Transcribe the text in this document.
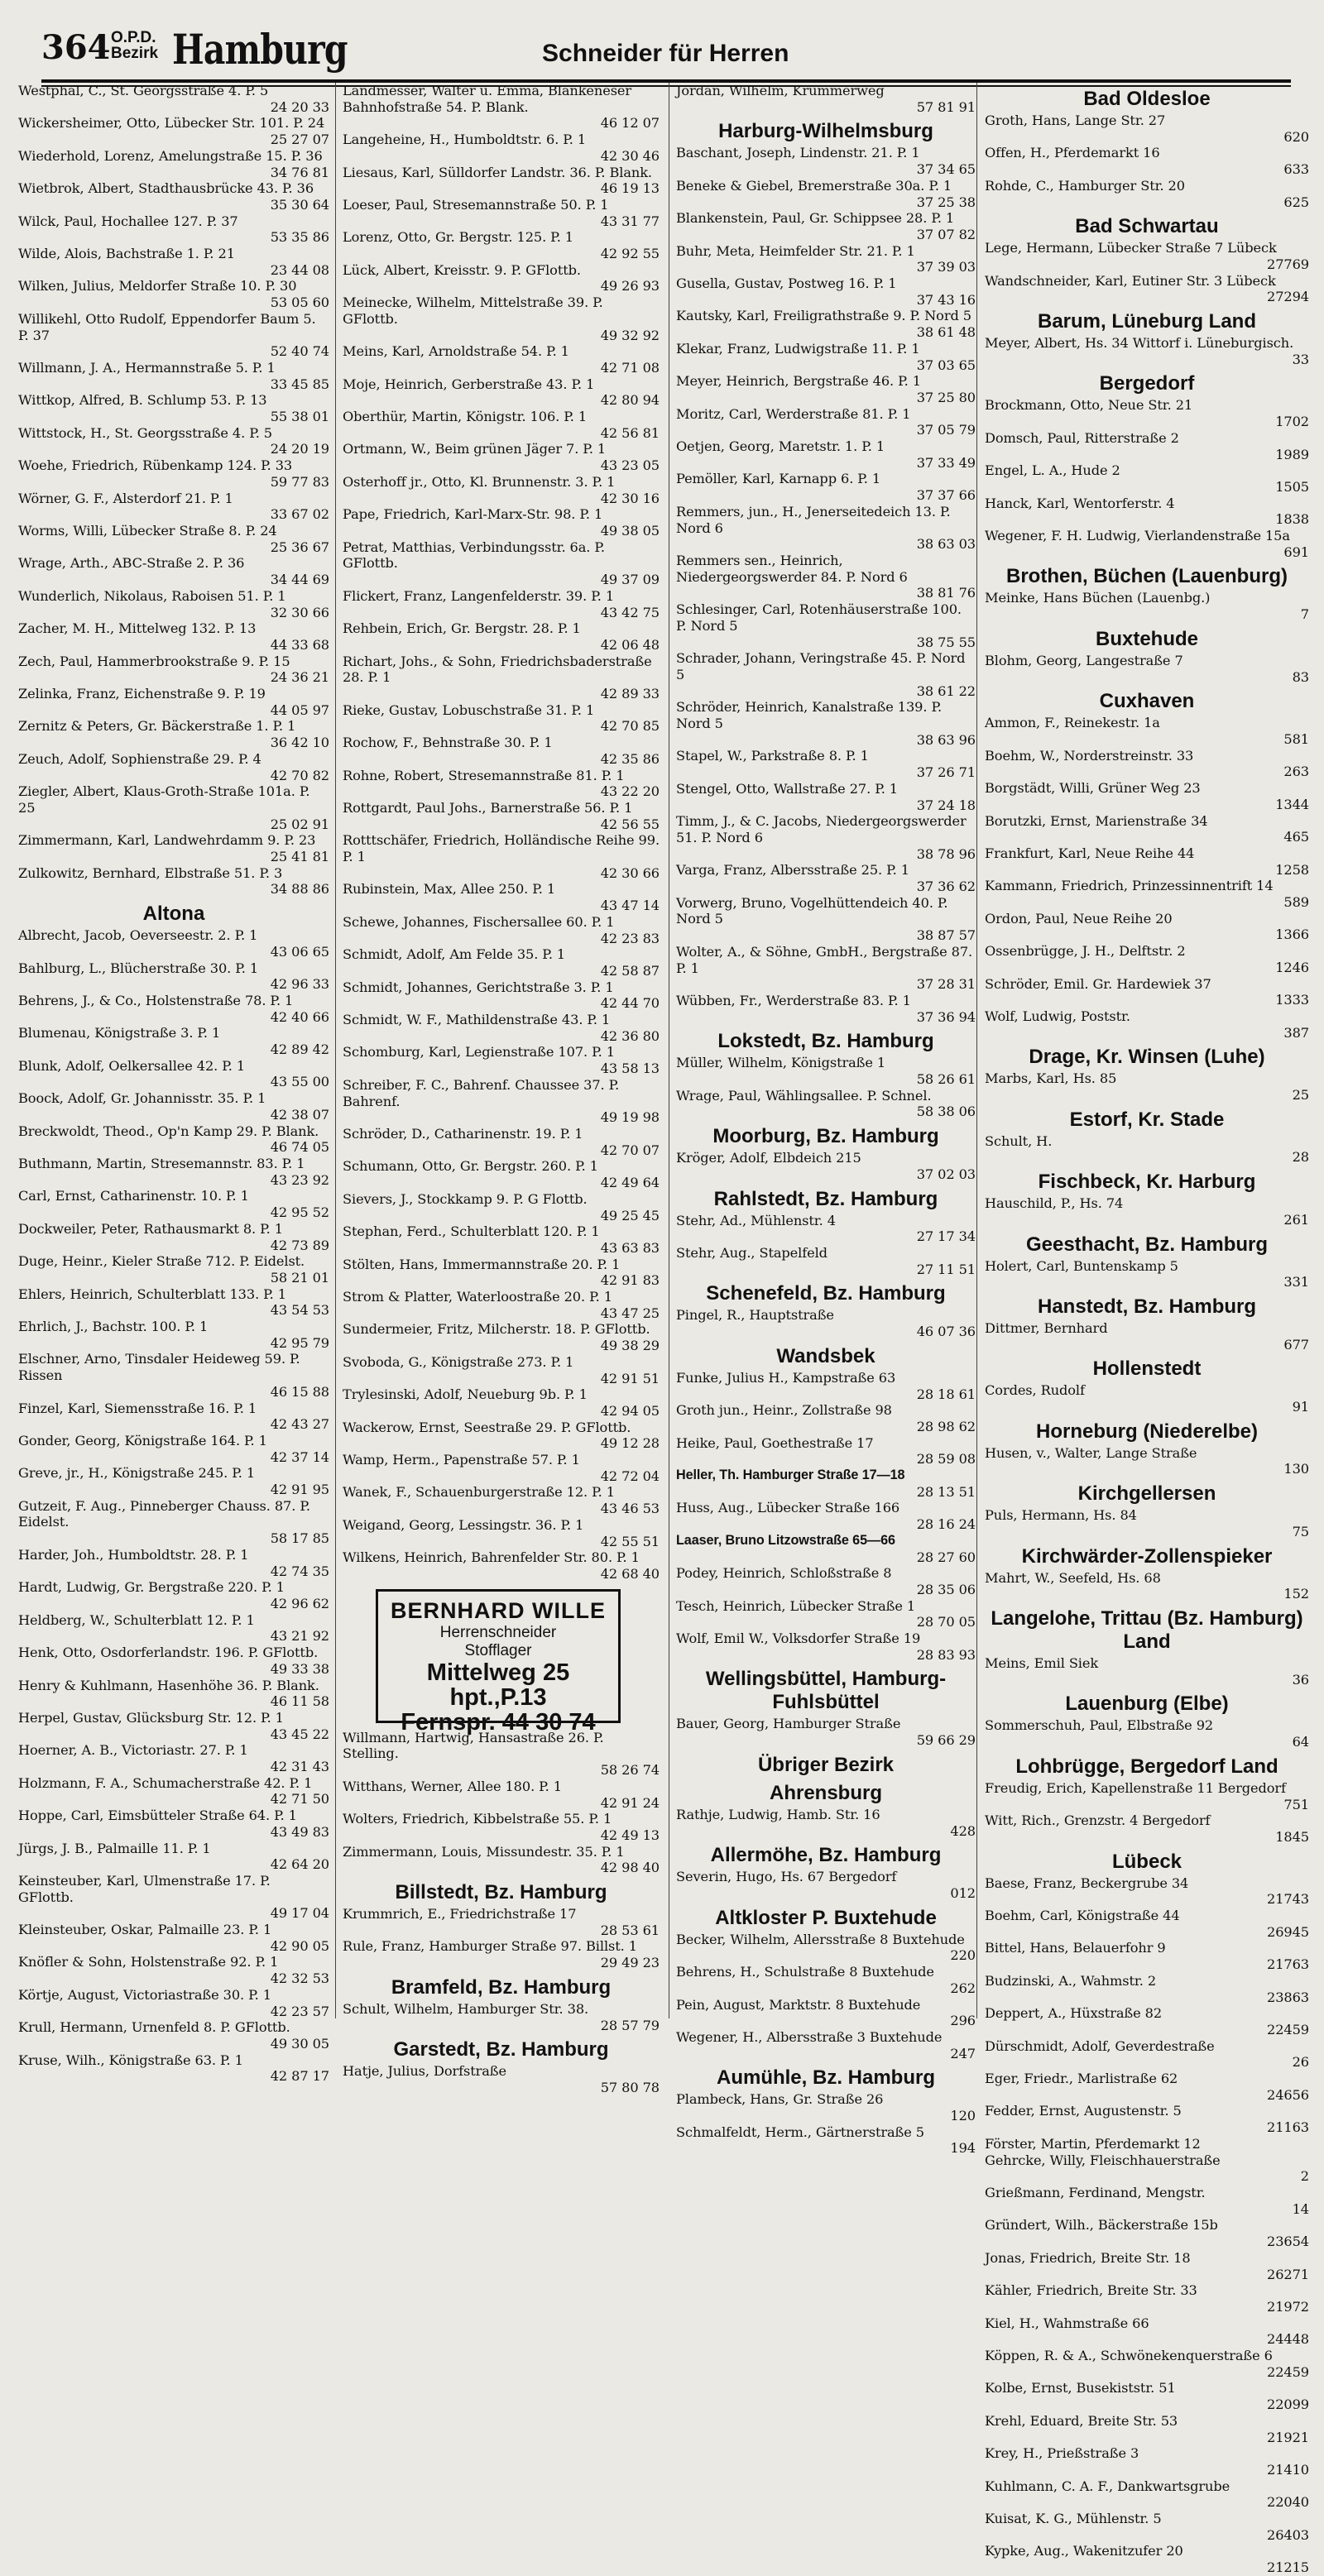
364 O.P.D.
Bezirk Hamburg	Schneider für Herren
Westphal, C., St. Georgsstraße 4. P. 5
24 20 33
Wickersheimer, Otto, Lübecker Str. 101. P. 24
25 27 07
Wiederhold, Lorenz, Amelungstraße 15. P. 36
34 76 81
Wietbrok, Albert, Stadthausbrücke 43. P. 36
35 30 64
Wilck, Paul, Hochallee 127. P. 37
53 35 86
Wilde, Alois, Bachstraße 1. P. 21
23 44 08
Wilken, Julius, Meldorfer Straße 10. P. 30
53 05 60
Willikehl, Otto Rudolf, Eppendorfer Baum 5. P. 37
52 40 74
Willmann, J. A., Hermannstraße 5. P. 1
33 45 85
Wittkop, Alfred, B. Schlump 53. P. 13
55 38 01
Wittstock, H., St. Georgsstraße 4. P. 5
24 20 19
Woehe, Friedrich, Rübenkamp 124. P. 33
59 77 83
Wörner, G. F., Alsterdorf 21. P. 1
33 67 02
Worms, Willi, Lübecker Straße 8. P. 24
25 36 67
Wrage, Arth., ABC-Straße 2. P. 36
34 44 69
Wunderlich, Nikolaus, Raboisen 51. P. 1
32 30 66
Zacher, M. H., Mittelweg 132. P. 13
44 33 68
Zech, Paul, Hammerbrookstraße 9. P. 15
24 36 21
Zelinka, Franz, Eichenstraße 9. P. 19
44 05 97
Zernitz & Peters, Gr. Bäckerstraße 1. P. 1
36 42 10
Zeuch, Adolf, Sophienstraße 29. P. 4
42 70 82
Ziegler, Albert, Klaus-Groth-Straße 101a. P. 25
25 02 91
Zimmermann, Karl, Landwehrdamm 9. P. 23
25 41 81
Zulkowitz, Bernhard, Elbstraße 51. P. 3
34 88 86
Altona
Albrecht, Jacob, Oeverseestr. 2. P. 1
43 06 65
Bahlburg, L., Blücherstraße 30. P. 1
42 96 33
Behrens, J., & Co., Holstenstraße 78. P. 1
42 40 66
Blumenau, Königstraße 3. P. 1
42 89 42
Blunk, Adolf, Oelkersallee 42. P. 1
43 55 00
Boock, Adolf, Gr. Johannisstr. 35. P. 1
42 38 07
Breckwoldt, Theod., Op'n Kamp 29. P. Blank.
46 74 05
Buthmann, Martin, Stresemannstr. 83. P. 1
43 23 92
Carl, Ernst, Catharinenstr. 10. P. 1
42 95 52
Dockweiler, Peter, Rathausmarkt 8. P. 1
42 73 89
Duge, Heinr., Kieler Straße 712. P. Eidelst.
58 21 01
Ehlers, Heinrich, Schulterblatt 133. P. 1
43 54 53
Ehrlich, J., Bachstr. 100. P. 1
42 95 79
Elschner, Arno, Tinsdaler Heideweg 59. P. Rissen
46 15 88
Finzel, Karl, Siemensstraße 16. P. 1
42 43 27
Gonder, Georg, Königstraße 164. P. 1
42 37 14
Greve, jr., H., Königstraße 245. P. 1
42 91 95
Gutzeit, F. Aug., Pinneberger Chauss. 87. P. Eidelst.
58 17 85
Harder, Joh., Humboldtstr. 28. P. 1
42 74 35
Hardt, Ludwig, Gr. Bergstraße 220. P. 1
42 96 62
Heldberg, W., Schulterblatt 12. P. 1
43 21 92
Henk, Otto, Osdorferlandstr. 196. P. GFlottb.
49 33 38
Henry & Kuhlmann, Hasenhöhe 36. P. Blank.
46 11 58
Herpel, Gustav, Glücksburg Str. 12. P. 1
43 45 22
Hoerner, A. B., Victoriastr. 27. P. 1
42 31 43
Holzmann, F. A., Schumacherstraße 42. P. 1
42 71 50
Hoppe, Carl, Eimsbütteler Straße 64. P. 1
43 49 83
Jürgs, J. B., Palmaille 11. P. 1
42 64 20
Keinsteuber, Karl, Ulmenstraße 17. P. GFlottb.
49 17 04
Kleinsteuber, Oskar, Palmaille 23. P. 1
42 90 05
Knöfler & Sohn, Holstenstraße 92. P. 1
42 32 53
Körtje, August, Victoriastraße 30. P. 1
42 23 57
Krull, Hermann, Urnenfeld 8. P. GFlottb.
49 30 05
Kruse, Wilh., Königstraße 63. P. 1
42 87 17
Landmesser, Walter u. Emma, Blankeneser Bahnhofstraße 54. P. Blank.
46 12 07
Langeheine, H., Humboldtstr. 6. P. 1
42 30 46
Liesaus, Karl, Sülldorfer Landstr. 36. P. Blank.
46 19 13
Loeser, Paul, Stresemannstraße 50. P. 1
43 31 77
Lorenz, Otto, Gr. Bergstr. 125. P. 1
42 92 55
Lück, Albert, Kreisstr. 9. P. GFlottb.
49 26 93
Meinecke, Wilhelm, Mittelstraße 39. P. GFlottb.
49 32 92
Meins, Karl, Arnoldstraße 54. P. 1
42 71 08
Moje, Heinrich, Gerberstraße 43. P. 1
42 80 94
Oberthür, Martin, Königstr. 106. P. 1
42 56 81
Ortmann, W., Beim grünen Jäger 7. P. 1
43 23 05
Osterhoff jr., Otto, Kl. Brunnenstr. 3. P. 1
42 30 16
Pape, Friedrich, Karl-Marx-Str. 98. P. 1
49 38 05
Petrat, Matthias, Verbindungsstr. 6a. P. GFlottb.
49 37 09
Flickert, Franz, Langenfelderstr. 39. P. 1
43 42 75
Rehbein, Erich, Gr. Bergstr. 28. P. 1
42 06 48
Richart, Johs., & Sohn, Friedrichsbaderstraße 28. P. 1
42 89 33
Rieke, Gustav, Lobuschstraße 31. P. 1
42 70 85
Rochow, F., Behnstraße 30. P. 1
42 35 86
Rohne, Robert, Stresemannstraße 81. P. 1
43 22 20
Rottgardt, Paul Johs., Barnerstraße 56. P. 1
42 56 55
Rotttschäfer, Friedrich, Holländische Reihe 99. P. 1
42 30 66
Rubinstein, Max, Allee 250. P. 1
43 47 14
Schewe, Johannes, Fischersallee 60. P. 1
42 23 83
Schmidt, Adolf, Am Felde 35. P. 1
42 58 87
Schmidt, Johannes, Gerichtstraße 3. P. 1
42 44 70
Schmidt, W. F., Mathildenstraße 43. P. 1
42 36 80
Schomburg, Karl, Legienstraße 107. P. 1
43 58 13
Schreiber, F. C., Bahrenf. Chaussee 37. P. Bahrenf.
49 19 98
Schröder, D., Catharinenstr. 19. P. 1
42 70 07
Schumann, Otto, Gr. Bergstr. 260. P. 1
42 49 64
Sievers, J., Stockkamp 9. P. G Flottb.
49 25 45
Stephan, Ferd., Schulterblatt 120. P. 1
43 63 83
Stölten, Hans, Immermannstraße 20. P. 1
42 91 83
Strom & Platter, Waterloostraße 20. P. 1
43 47 25
Sundermeier, Fritz, Milcherstr. 18. P. GFlottb.
49 38 29
Svoboda, G., Königstraße 273. P. 1
42 91 51
Trylesinski, Adolf, Neueburg 9b. P. 1
42 94 05
Wackerow, Ernst, Seestraße 29. P. GFlottb.
49 12 28
Wamp, Herm., Papenstraße 57. P. 1
42 72 04
Wanek, F., Schauenburgerstraße 12. P. 1
43 46 53
Weigand, Georg, Lessingstr. 36. P. 1
42 55 51
Wilkens, Heinrich, Bahrenfelder Str. 80. P. 1
42 68 40
BERNHARD WILLE
Herrenschneider
Stofflager
Mittelweg 25 hpt.,P.13
Fernspr. 44 30 74
Willmann, Hartwig, Hansastraße 26. P. Stelling.
58 26 74
Witthans, Werner, Allee 180. P. 1
42 91 24
Wolters, Friedrich, Kibbelstraße 55. P. 1
42 49 13
Zimmermann, Louis, Missundestr. 35. P. 1
42 98 40
Billstedt, Bz. Hamburg
Krummrich, E., Friedrichstraße 17
28 53 61
Rule, Franz, Hamburger Straße 97. Billst. 1
29 49 23
Bramfeld, Bz. Hamburg
Schult, Wilhelm, Hamburger Str. 38.
28 57 79
Garstedt, Bz. Hamburg
Hatje, Julius, Dorfstraße
57 80 78
Jordan, Wilhelm, Krummerweg
57 81 91
Harburg-Wilhelmsburg
Baschant, Joseph, Lindenstr. 21. P. 1
37 34 65
Beneke & Giebel, Bremerstraße 30a. P. 1
37 25 38
Blankenstein, Paul, Gr. Schippsee 28. P. 1
37 07 82
Buhr, Meta, Heimfelder Str. 21. P. 1
37 39 03
Gusella, Gustav, Postweg 16. P. 1
37 43 16
Kautsky, Karl, Freiligrathstraße 9. P. Nord 5
38 61 48
Klekar, Franz, Ludwigstraße 11. P. 1
37 03 65
Meyer, Heinrich, Bergstraße 46. P. 1
37 25 80
Moritz, Carl, Werderstraße 81. P. 1
37 05 79
Oetjen, Georg, Maretstr. 1. P. 1
37 33 49
Pemöller, Karl, Karnapp 6. P. 1
37 37 66
Remmers, jun., H., Jenerseitedeich 13. P. Nord 6
38 63 03
Remmers sen., Heinrich, Niedergeorgswerder 84. P. Nord 6
38 81 76
Schlesinger, Carl, Rotenhäuserstraße 100. P. Nord 5
38 75 55
Schrader, Johann, Veringstraße 45. P. Nord 5
38 61 22
Schröder, Heinrich, Kanalstraße 139. P. Nord 5
38 63 96
Stapel, W., Parkstraße 8. P. 1
37 26 71
Stengel, Otto, Wallstraße 27. P. 1
37 24 18
Timm, J., & C. Jacobs, Niedergeorgswerder 51. P. Nord 6
38 78 96
Varga, Franz, Albersstraße 25. P. 1
37 36 62
Vorwerg, Bruno, Vogelhüttendeich 40. P. Nord 5
38 87 57
Wolter, A., & Söhne, GmbH., Bergstraße 87. P. 1
37 28 31
Wübben, Fr., Werderstraße 83. P. 1
37 36 94
Lokstedt, Bz. Hamburg
Müller, Wilhelm, Königstraße 1
58 26 61
Wrage, Paul, Wählingsallee. P. Schnel.
58 38 06
Moorburg, Bz. Hamburg
Kröger, Adolf, Elbdeich 215
37 02 03
Rahlstedt, Bz. Hamburg
Stehr, Ad., Mühlenstr. 4
27 17 34
Stehr, Aug., Stapelfeld
27 11 51
Schenefeld, Bz. Hamburg
Pingel, R., Hauptstraße
46 07 36
Wandsbek
Funke, Julius H., Kampstraße 63
28 18 61
Groth jun., Heinr., Zollstraße 98
28 98 62
Heike, Paul, Goethestraße 17
28 59 08
Heller, Th. Hamburger Straße 17—18
28 13 51
Huss, Aug., Lübecker Straße 166
28 16 24
Laaser, Bruno Litzowstraße 65—66
28 27 60
Podey, Heinrich, Schloßstraße 8
28 35 06
Tesch, Heinrich, Lübecker Straße 1
28 70 05
Wolf, Emil W., Volksdorfer Straße 19
28 83 93
Wellingsbüttel, Hamburg-Fuhlsbüttel
Bauer, Georg, Hamburger Straße
59 66 29
Übriger Bezirk
Ahrensburg
Rathje, Ludwig, Hamb. Str. 16
428
Allermöhe, Bz. Hamburg
Severin, Hugo, Hs. 67 Bergedorf
012
Altkloster P. Buxtehude
Becker, Wilhelm, Allersstraße 8 Buxtehude
220
Behrens, H., Schulstraße 8 Buxtehude
262
Pein, August, Marktstr. 8 Buxtehude
296
Wegener, H., Albersstraße 3 Buxtehude
247
Aumühle, Bz. Hamburg
Plambeck, Hans, Gr. Straße 26
120
Schmalfeldt, Herm., Gärtnerstraße 5
194
Bad Oldesloe
Groth, Hans, Lange Str. 27
620
Offen, H., Pferdemarkt 16
633
Rohde, C., Hamburger Str. 20
625
Bad Schwartau
Lege, Hermann, Lübecker Straße 7 Lübeck
27769
Wandschneider, Karl, Eutiner Str. 3 Lübeck
27294
Barum, Lüneburg Land
Meyer, Albert, Hs. 34 Wittorf i. Lüneburgisch.
33
Bergedorf
Brockmann, Otto, Neue Str. 21
1702
Domsch, Paul, Ritterstraße 2
1989
Engel, L. A., Hude 2
1505
Hanck, Karl, Wentorferstr. 4
1838
Wegener, F. H. Ludwig, Vierlandenstraße 15a
691
Brothen, Büchen (Lauenburg)
Meinke, Hans Büchen (Lauenbg.)
7
Buxtehude
Blohm, Georg, Langestraße 7
83
Cuxhaven
Ammon, F., Reinekestr. 1a
581
Boehm, W., Norderstreinstr. 33
263
Borgstädt, Willi, Grüner Weg 23
1344
Borutzki, Ernst, Marienstraße 34
465
Frankfurt, Karl, Neue Reihe 44
1258
Kammann, Friedrich, Prinzessinnentrift 14
589
Ordon, Paul, Neue Reihe 20
1366
Ossenbrügge, J. H., Delftstr. 2
1246
Schröder, Emil. Gr. Hardewiek 37
1333
Wolf, Ludwig, Poststr.
387
Drage, Kr. Winsen (Luhe)
Marbs, Karl, Hs. 85
25
Estorf, Kr. Stade
Schult, H.
28
Fischbeck, Kr. Harburg
Hauschild, P., Hs. 74
261
Geesthacht, Bz. Hamburg
Holert, Carl, Buntenskamp 5
331
Hanstedt, Bz. Hamburg
Dittmer, Bernhard
677
Hollenstedt
Cordes, Rudolf
91
Horneburg (Niederelbe)
Husen, v., Walter, Lange Straße
130
Kirchgellersen
Puls, Hermann, Hs. 84
75
Kirchwärder-Zollenspieker
Mahrt, W., Seefeld, Hs. 68
152
Langelohe, Trittau (Bz. Hamburg) Land
Meins, Emil Siek
36
Lauenburg (Elbe)
Sommerschuh, Paul, Elbstraße 92
64
Lohbrügge, Bergedorf Land
Freudig, Erich, Kapellenstraße 11 Bergedorf
751
Witt, Rich., Grenzstr. 4 Bergedorf
1845
Lübeck
Baese, Franz, Beckergrube 34
21743
Boehm, Carl, Königstraße 44
26945
Bittel, Hans, Belauerfohr 9
21763
Budzinski, A., Wahmstr. 2
23863
Deppert, A., Hüxstraße 82
22459
Dürschmidt, Adolf, Geverdestraße
26
Eger, Friedr., Marlistraße 62
24656
Fedder, Ernst, Augustenstr. 5
21163
Förster, Martin, Pferdemarkt 12
Gehrcke, Willy, Fleischhauerstraße
2
Grießmann, Ferdinand, Mengstr.
14
Gründert, Wilh., Bäckerstraße 15b
23654
Jonas, Friedrich, Breite Str. 18
26271
Kähler, Friedrich, Breite Str. 33
21972
Kiel, H., Wahmstraße 66
24448
Köppen, R. & A., Schwönekenquerstraße 6
22459
Kolbe, Ernst, Busekiststr. 51
22099
Krehl, Eduard, Breite Str. 53
21921
Krey, H., Prießstraße 3
21410
Kuhlmann, C. A. F., Dankwartsgrube
22040
Kuisat, K. G., Mühlenstr. 5
26403
Kypke, Aug., Wakenitzufer 20
21215
